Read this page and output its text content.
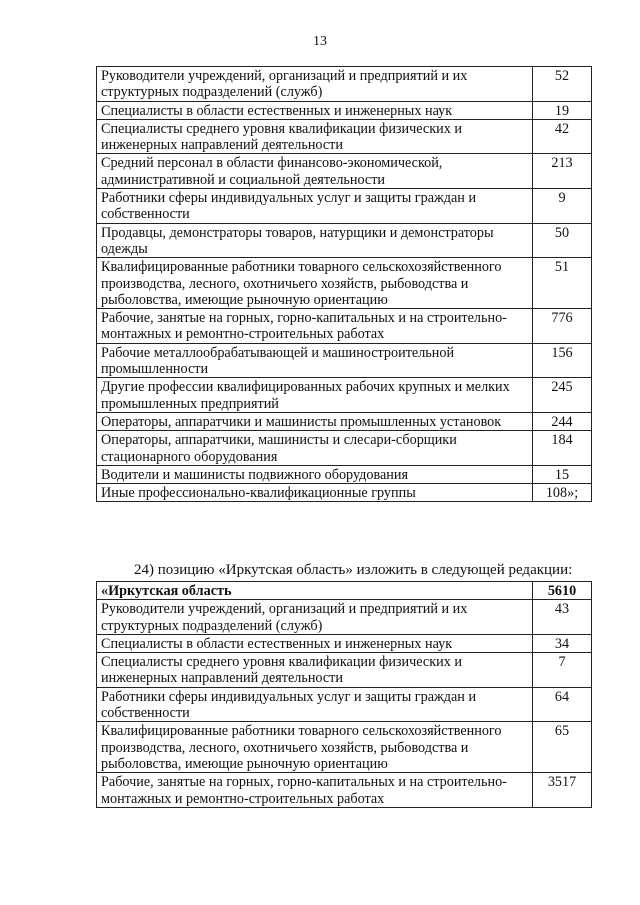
13
Руководители учреждений, организаций и предприятий и их структурных подразделений (служб)	52
Специалисты в области естественных и инженерных наук	19
Специалисты среднего уровня квалификации физических и инженерных направлений деятельности	42
Средний персонал в области финансово-экономической, административной и социальной деятельности	213
Работники сферы индивидуальных услуг и защиты граждан и собственности	9
Продавцы, демонстраторы товаров, натурщики и демонстраторы одежды	50
Квалифицированные работники товарного сельскохозяйственного производства, лесного, охотничьего хозяйств, рыбоводства и рыболовства, имеющие рыночную ориентацию	51
Рабочие, занятые на горных, горно-капитальных и на строительно-монтажных и ремонтно-строительных работах	776
Рабочие металлообрабатывающей и машиностроительной промышленности	156
Другие профессии квалифицированных рабочих крупных и мелких промышленных предприятий	245
Операторы, аппаратчики и машинисты промышленных установок	244
Операторы, аппаратчики, машинисты и слесари-сборщики стационарного оборудования	184
Водители и машинисты подвижного оборудования	15
Иные профессионально-квалификационные группы	108»;
24) позицию «Иркутская область» изложить в следующей редакции:
«Иркутская область	5610
Руководители учреждений, организаций и предприятий и их структурных подразделений (служб)	43
Специалисты в области естественных и инженерных наук	34
Специалисты среднего уровня квалификации физических и инженерных направлений деятельности	7
Работники сферы индивидуальных услуг и защиты граждан и собственности	64
Квалифицированные работники товарного сельскохозяйственного производства, лесного, охотничьего хозяйств, рыбоводства и рыболовства, имеющие рыночную ориентацию	65
Рабочие, занятые на горных, горно-капитальных и на строительно-монтажных и ремонтно-строительных работах	3517
